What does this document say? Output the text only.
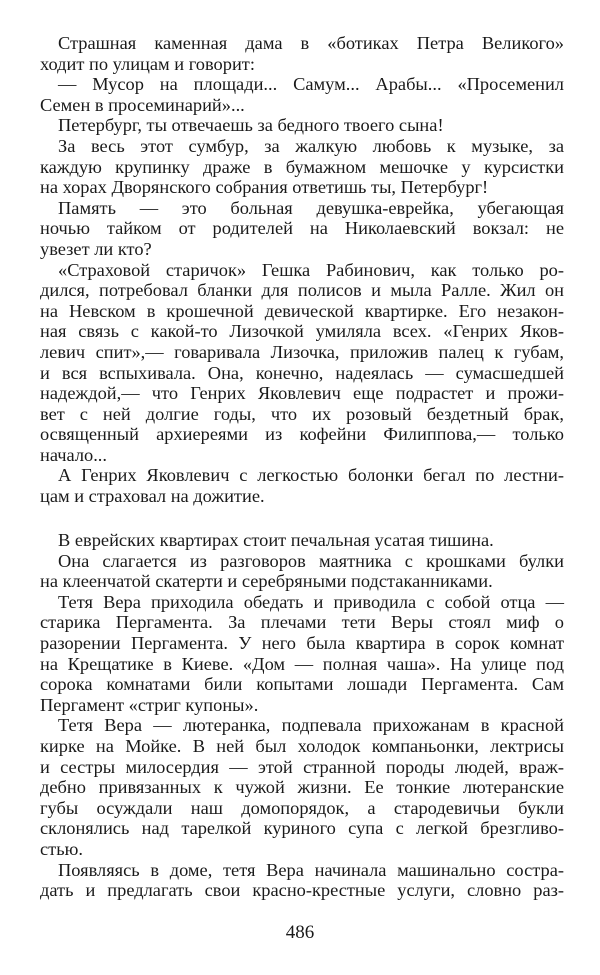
Страшная каменная дама в «ботиках Петра Великого»
ходит по улицам и говорит:
— Мусор на площади... Самум... Арабы... «Просеменил
Семен в просеминарий»...
Петербург, ты отвечаешь за бедного твоего сына!
За весь этот сумбур, за жалкую любовь к музыке, за
каждую крупинку драже в бумажном мешочке у курсистки
на хорах Дворянского собрания ответишь ты, Петербург!
Память — это больная девушка-еврейка, убегающая
ночью тайком от родителей на Николаевский вокзал: не
увезет ли кто?
«Страховой старичок» Гешка Рабинович, как только ро-
дился, потребовал бланки для полисов и мыла Ралле. Жил он
на Невском в крошечной девической квартирке. Его незакон-
ная связь с какой-то Лизочкой умиляла всех. «Генрих Яков-
левич спит»,— говаривала Лизочка, приложив палец к губам,
и вся вспыхивала. Она, конечно, надеялась — сумасшедшей
надеждой,— что Генрих Яковлевич еще подрастет и прожи-
вет с ней долгие годы, что их розовый бездетный брак,
освященный архиереями из кофейни Филиппова,— только
начало...
А Генрих Яковлевич с легкостью болонки бегал по лестни-
цам и страховал на дожитие.
В еврейских квартирах стоит печальная усатая тишина.
Она слагается из разговоров маятника с крошками булки
на клеенчатой скатерти и серебряными подстаканниками.
Тетя Вера приходила обедать и приводила с собой отца —
старика Пергамента. За плечами тети Веры стоял миф о
разорении Пергамента. У него была квартира в сорок комнат
на Крещатике в Киеве. «Дом — полная чаша». На улице под
сорока комнатами били копытами лошади Пергамента. Сам
Пергамент «стриг купоны».
Тетя Вера — лютеранка, подпевала прихожанам в красной
кирке на Мойке. В ней был холодок компаньонки, лектрисы
и сестры милосердия — этой странной породы людей, враж-
дебно привязанных к чужой жизни. Ее тонкие лютеранские
губы осуждали наш домопорядок, а стародевичьи букли
склонялись над тарелкой куриного супа с легкой брезгливо-
стью.
Появляясь в доме, тетя Вера начинала машинально состра-
дать и предлагать свои красно-крестные услуги, словно раз-
486
